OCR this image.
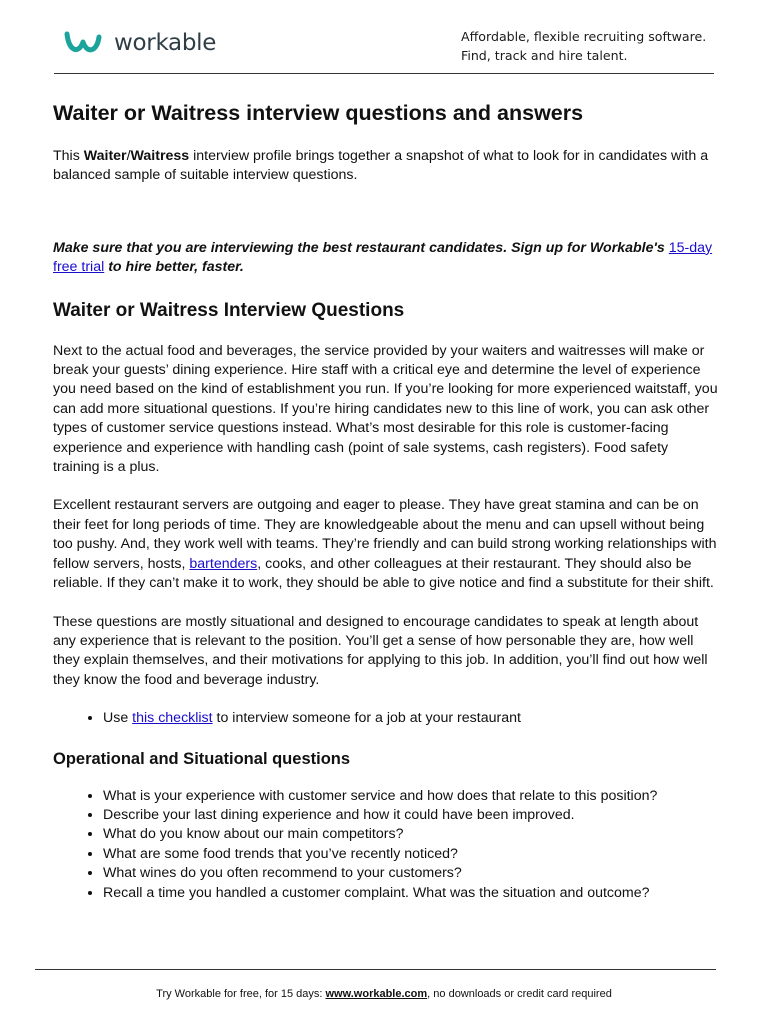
workable	Affordable, flexible recruiting software.
Find, track and hire talent.
Waiter or Waitress interview questions and answers

This Waiter/Waitress interview profile brings together a snapshot of what to look for in candidates with a balanced sample of suitable interview questions.

Make sure that you are interviewing the best restaurant candidates. Sign up for Workable's 15-day free trial to hire better, faster.

Waiter or Waitress Interview Questions

Next to the actual food and beverages, the service provided by your waiters and waitresses will make or break your guests’ dining experience. Hire staff with a critical eye and determine the level of experience you need based on the kind of establishment you run. If you’re looking for more experienced waitstaff, you can add more situational questions. If you’re hiring candidates new to this line of work, you can ask other types of customer service questions instead. What’s most desirable for this role is customer-facing experience and experience with handling cash (point of sale systems, cash registers). Food safety training is a plus.

Excellent restaurant servers are outgoing and eager to please. They have great stamina and can be on their feet for long periods of time. They are knowledgeable about the menu and can upsell without being too pushy. And, they work well with teams. They’re friendly and can build strong working relationships with fellow servers, hosts, bartenders, cooks, and other colleagues at their restaurant. They should also be reliable. If they can’t make it to work, they should be able to give notice and find a substitute for their shift.

These questions are mostly situational and designed to encourage candidates to speak at length about any experience that is relevant to the position. You’ll get a sense of how personable they are, how well they explain themselves, and their motivations for applying to this job. In addition, you’ll find out how well they know the food and beverage industry.

• Use this checklist to interview someone for a job at your restaurant
Operational and Situational questions
• What is your experience with customer service and how does that relate to this position?
• Describe your last dining experience and how it could have been improved.
• What do you know about our main competitors?
• What are some food trends that you’ve recently noticed?
• What wines do you often recommend to your customers?
• Recall a time you handled a customer complaint. What was the situation and outcome?
Try Workable for free, for 15 days: www.workable.com, no downloads or credit card required
